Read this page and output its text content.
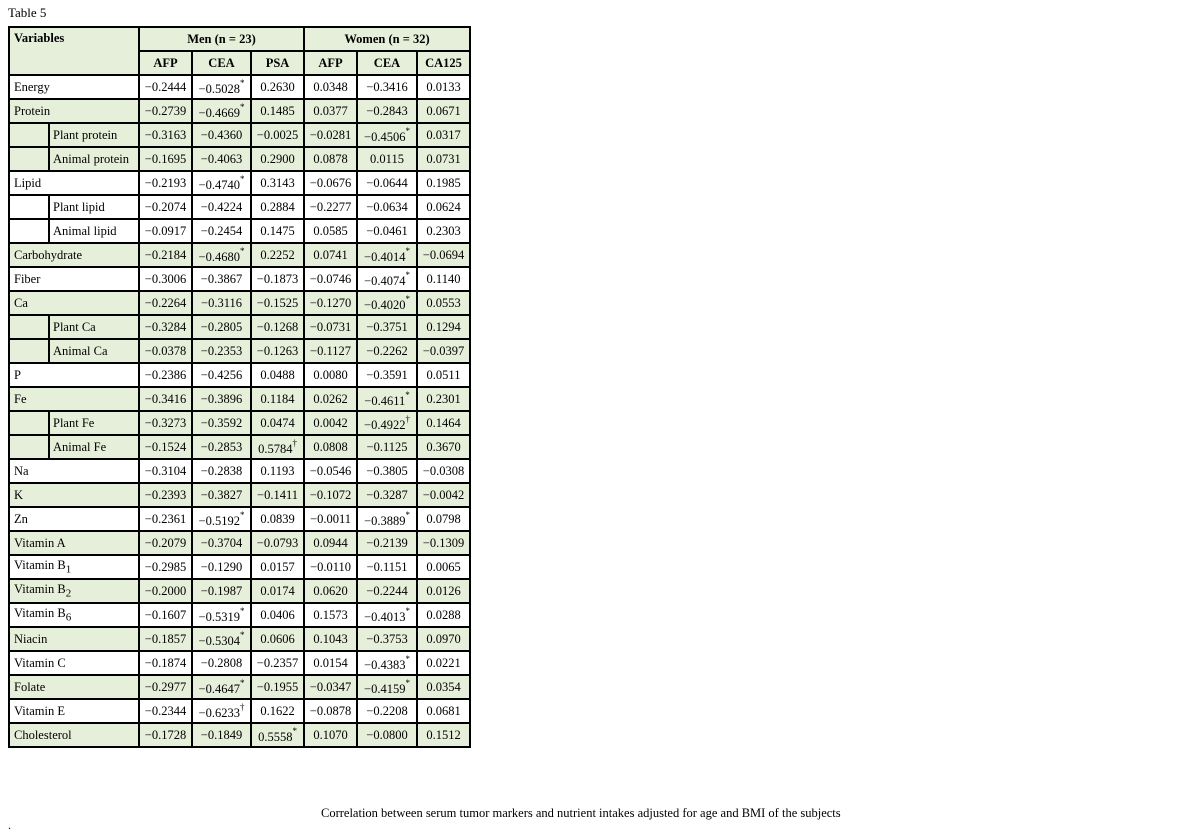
Table 5
Variables		Men (n = 23)			Women (n = 32)		
		AFP	CEA	PSA	AFP	CEA	CA125
Energy		−0.2444	−0.5028*	0.2630	0.0348	−0.3416	0.0133
Protein		−0.2739	−0.4669*	0.1485	0.0377	−0.2843	0.0671
	Plant protein	−0.3163	−0.4360	−0.0025	−0.0281	−0.4506*	0.0317
	Animal protein	−0.1695	−0.4063	0.2900	0.0878	0.0115	0.0731
Lipid		−0.2193	−0.4740*	0.3143	−0.0676	−0.0644	0.1985
	Plant lipid	−0.2074	−0.4224	0.2884	−0.2277	−0.0634	0.0624
	Animal lipid	−0.0917	−0.2454	0.1475	0.0585	−0.0461	0.2303
Carbohydrate		−0.2184	−0.4680*	0.2252	0.0741	−0.4014*	−0.0694
Fiber		−0.3006	−0.3867	−0.1873	−0.0746	−0.4074*	0.1140
Ca		−0.2264	−0.3116	−0.1525	−0.1270	−0.4020*	0.0553
	Plant Ca	−0.3284	−0.2805	−0.1268	−0.0731	−0.3751	0.1294
	Animal Ca	−0.0378	−0.2353	−0.1263	−0.1127	−0.2262	−0.0397
P		−0.2386	−0.4256	0.0488	0.0080	−0.3591	0.0511
Fe		−0.3416	−0.3896	0.1184	0.0262	−0.4611*	0.2301
	Plant Fe	−0.3273	−0.3592	0.0474	0.0042	−0.4922†	0.1464
	Animal Fe	−0.1524	−0.2853	0.5784†	0.0808	−0.1125	0.3670
Na		−0.3104	−0.2838	0.1193	−0.0546	−0.3805	−0.0308
K		−0.2393	−0.3827	−0.1411	−0.1072	−0.3287	−0.0042
Zn		−0.2361	−0.5192*	0.0839	−0.0011	−0.3889*	0.0798
Vitamin A		−0.2079	−0.3704	−0.0793	0.0944	−0.2139	−0.1309
Vitamin $B_1$		−0.2985	−0.1290	0.0157	−0.0110	−0.1151	0.0065
Vitamin $B_2$		−0.2000	−0.1987	0.0174	0.0620	−0.2244	0.0126
Vitamin $B_6$		−0.1607	−0.5319*	0.0406	0.1573	−0.4013*	0.0288
Niacin		−0.1857	−0.5304*	0.0606	0.1043	−0.3753	0.0970
Vitamin C		−0.1874	−0.2808	−0.2357	0.0154	−0.4383*	0.0221
Folate		−0.2977	−0.4647*	−0.1955	−0.0347	−0.4159*	0.0354
Vitamin E		−0.2344	−0.6233†	0.1622	−0.0878	−0.2208	0.0681
Cholesterol		−0.1728	−0.1849	0.5558*	0.1070	−0.0800	0.1512
Correlation between serum tumor markers and nutrient intakes adjusted for age and BMI of the subjects
.
